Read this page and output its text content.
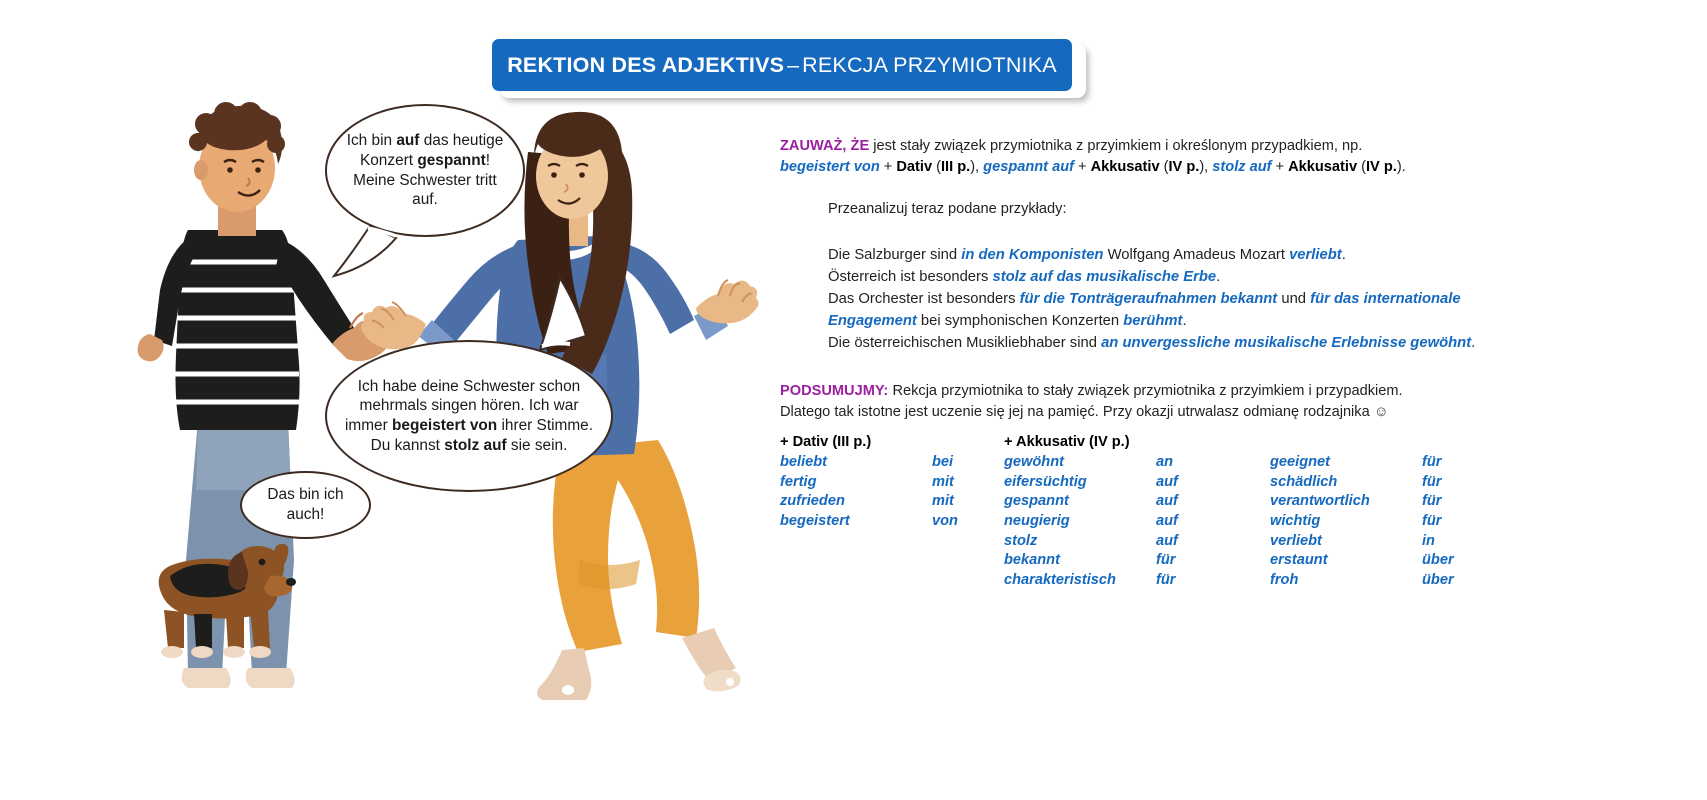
REKTION DES ADJEKTIVS – REKCJA PRZYMIOTNIKA

Ich bin auf das heutige Konzert gespannt! Meine Schwester tritt auf.

Ich habe deine Schwester schon mehrmals singen hören. Ich war immer begeistert von ihrer Stimme. Du kannst stolz auf sie sein.

Das bin ich auch!

ZAUWAŻ, ŻE jest stały związek przymiotnika z przyimkiem i określonym przypadkiem, np.
begeistert von + Dativ (III p.), gespannt auf + Akkusativ (IV p.), stolz auf + Akkusativ (IV p.).
Przeanalizuj teraz podane przykłady:
Die Salzburger sind in den Komponisten Wolfgang Amadeus Mozart verliebt.
Österreich ist besonders stolz auf das musikalische Erbe.
Das Orchester ist besonders für die Tonträgeraufnahmen bekannt und für das internationale Engagement bei symphonischen Konzerten berühmt.
Die österreichischen Musikliebhaber sind an unvergessliche musikalische Erlebnisse gewöhnt.
PODSUMUJMY: Rekcja przymiotnika to stały związek przymiotnika z przyimkiem i przypadkiem.
Dlatego tak istotne jest uczenie się jej na pamięć. Przy okazji utrwalasz odmianę rodzajnika ☺
+ Dativ (III p.)
beliebt	bei
fertig	mit
zufrieden	mit
begeistert	von
+ Akkusativ (IV p.)
gewöhnt	an
eifersüchtig	auf
gespannt	auf
neugierig	auf
stolz	auf
bekannt	für
charakteristisch	für

geeignet	für
schädlich	für
verantwortlich	für
wichtig	für
verliebt	in
erstaunt	über
froh	über
